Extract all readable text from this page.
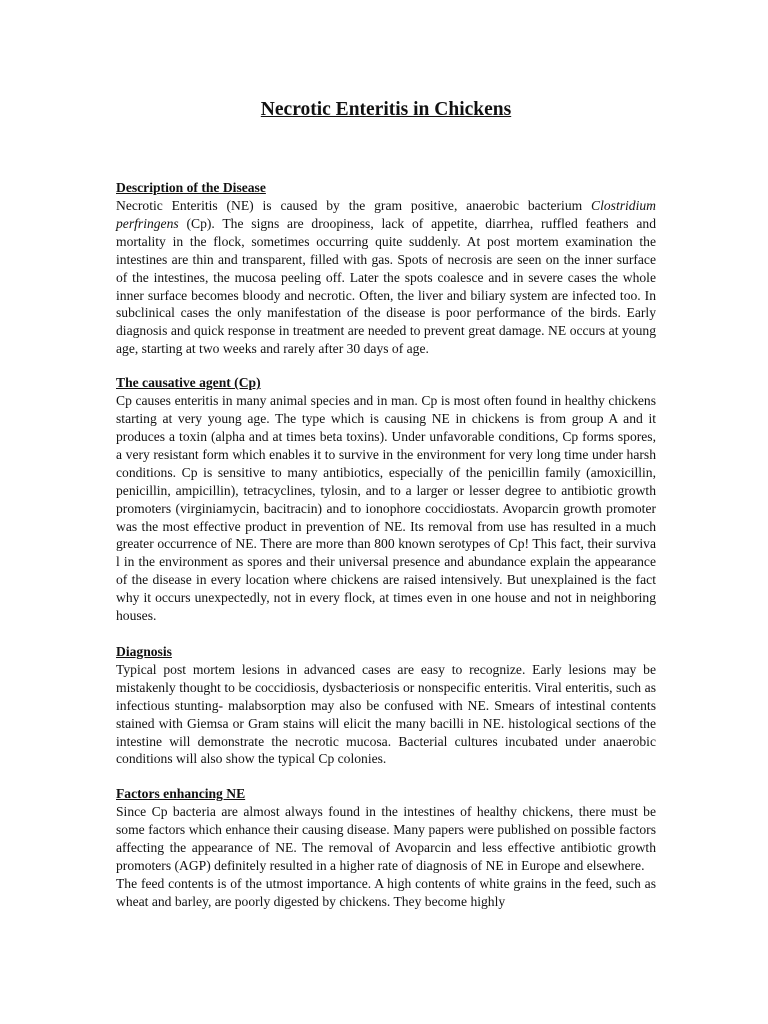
Necrotic Enteritis in Chickens
Description of the Disease

Necrotic Enteritis (NE) is caused by the gram positive, anaerobic bacterium Clostridium perfringens (Cp). The signs are droopiness, lack of appetite, diarrhea, ruffled feathers and mortality in the flock, sometimes occurring quite suddenly. At post mortem examination the intestines are thin and transparent, filled with gas. Spots of necrosis are seen on the inner surface of the intestines, the mucosa peeling off. Later the spots coalesce and in severe cases the whole inner surface becomes bloody and necrotic. Often, the liver and biliary system are infected too. In subclinical cases the only manifestation of the disease is poor performance of the birds. Early diagnosis and quick response in treatment are needed to prevent great damage. NE occurs at young age, starting at two weeks and rarely after 30 days of age.

The causative agent (Cp)

Cp causes enteritis in many animal species and in man. Cp is most often found in healthy chickens starting at very young age. The type which is causing NE in chickens is from group A and it produces a toxin (alpha and at times beta toxins). Under unfavorable conditions, Cp forms spores, a very resistant form which enables it to survive in the environment for very long time under harsh conditions. Cp is sensitive to many antibiotics, especially of the penicillin family (amoxicillin, penicillin, ampicillin), tetracyclines, tylosin, and to a larger or lesser degree to antibiotic growth promoters (virginiamycin, bacitracin) and to ionophore coccidiostats. Avoparcin growth promoter was the most effective product in prevention of NE. Its removal from use has resulted in a much greater occurrence of NE. There are more than 800 known serotypes of Cp! This fact, their surviva l in the environment as spores and their universal presence and abundance explain the appearance of the disease in every location where chickens are raised intensively. But unexplained is the fact why it occurs unexpectedly, not in every flock, at times even in one house and not in neighboring houses.

Diagnosis

Typical post mortem lesions in advanced cases are easy to recognize. Early lesions may be mistakenly thought to be coccidiosis, dysbacteriosis or nonspecific enteritis. Viral enteritis, such as infectious stunting- malabsorption may also be confused with NE. Smears of intestinal contents stained with Giemsa or Gram stains will elicit the many bacilli in NE. histological sections of the intestine will demonstrate the necrotic mucosa. Bacterial cultures incubated under anaerobic conditions will also show the typical Cp colonies.

Factors enhancing NE

Since Cp bacteria are almost always found in the intestines of healthy chickens, there must be some factors which enhance their causing disease. Many papers were published on possible factors affecting the appearance of NE. The removal of Avoparcin and less effective antibiotic growth promoters (AGP) definitely resulted in a higher rate of diagnosis of NE in Europe and elsewhere.

The feed contents is of the utmost importance. A high contents of white grains in the feed, such as wheat and barley, are poorly digested by chickens. They become highly
